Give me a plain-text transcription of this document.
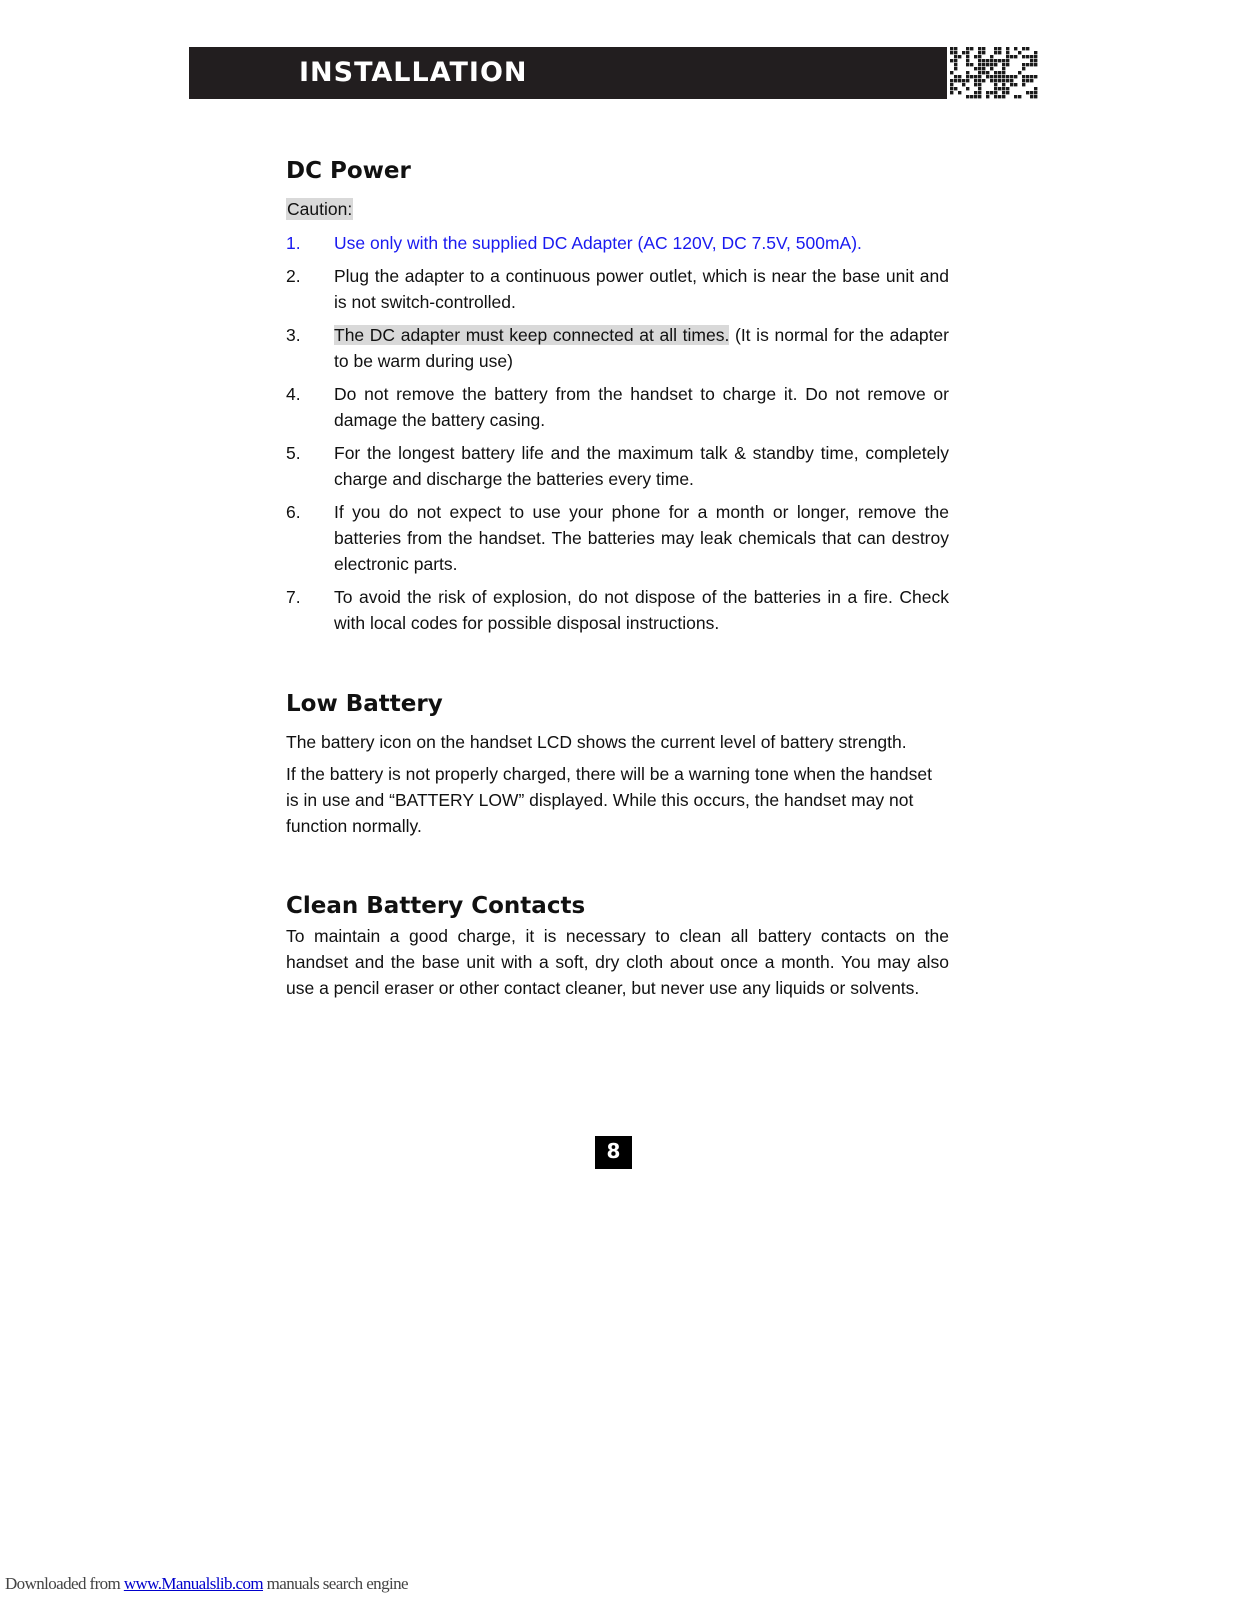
INSTALLATION
DC Power
Caution:
1. Use only with the supplied DC Adapter (AC 120V, DC 7.5V, 500mA).
2. Plug the adapter to a continuous power outlet, which is near the base unit and is not switch-controlled.
3. The DC adapter must keep connected at all times. (It is normal for the adapter to be warm during use)
4. Do not remove the battery from the handset to charge it. Do not remove or damage the battery casing.
5. For the longest battery life and the maximum talk & standby time, completely charge and discharge the batteries every time.
6. If you do not expect to use your phone for a month or longer, remove the batteries from the handset. The batteries may leak chemicals that can destroy electronic parts.
7. To avoid the risk of explosion, do not dispose of the batteries in a fire. Check with local codes for possible disposal instructions.
Low Battery

The battery icon on the handset LCD shows the current level of battery strength.

If the battery is not properly charged, there will be a warning tone when the handset is in use and “BATTERY LOW” displayed. While this occurs, the handset may not function normally.

Clean Battery Contacts

To maintain a good charge, it is necessary to clean all battery contacts on the handset and the base unit with a soft, dry cloth about once a month. You may also use a pencil eraser or other contact cleaner, but never use any liquids or solvents.

8
Downloaded from www.Manualslib.com manuals search engine
